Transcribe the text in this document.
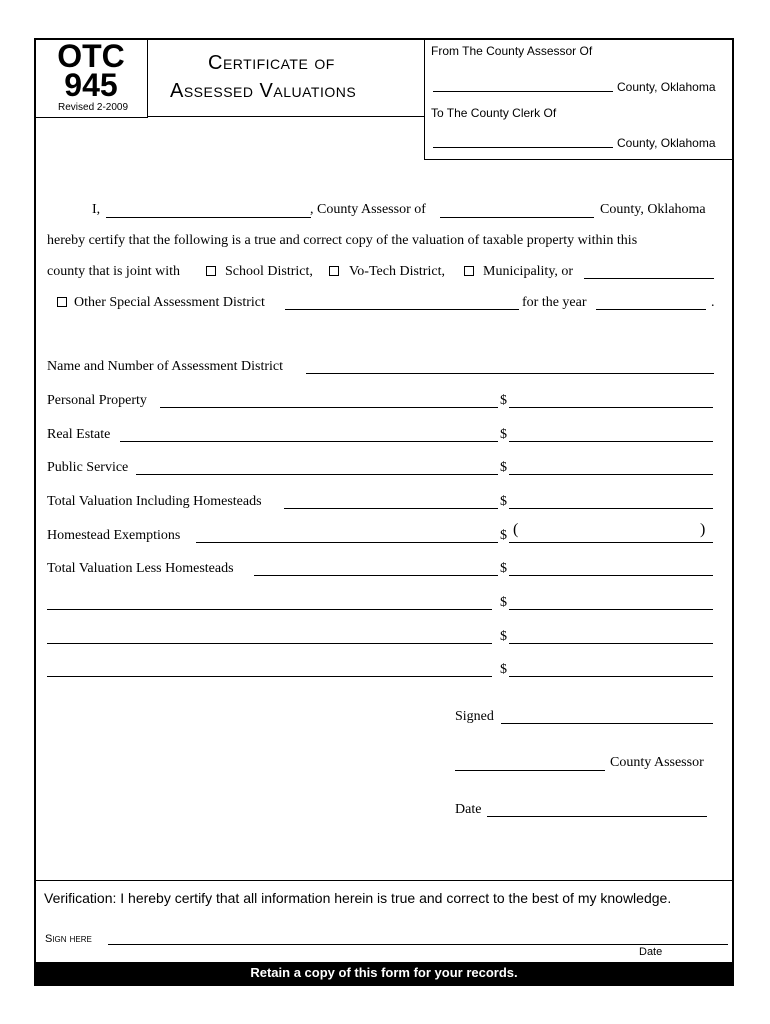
OTC
945
Revised 2-2009
Certificate of
Assessed Valuations
From The County Assessor Of
County, Oklahoma
To The County Clerk Of
County, Oklahoma
I,	, County Assessor of	County, Oklahoma
hereby certify that the following is a true and correct copy of the valuation of taxable property within this
county that is joint with	School District,	Vo-Tech District,	Municipality, or
Other Special Assessment District	for the year	.
Name and Number of Assessment District
Personal Property	$
Real Estate	$
Public Service	$
Total Valuation Including Homesteads	$
Homestead Exemptions	$ (	)
Total Valuation Less Homesteads	$
$
$
$
Signed
County Assessor
Date
Verification: I hereby certify that all information herein is true and correct to the best of my knowledge.
Sign here
Date
Retain a copy of this form for your records.
